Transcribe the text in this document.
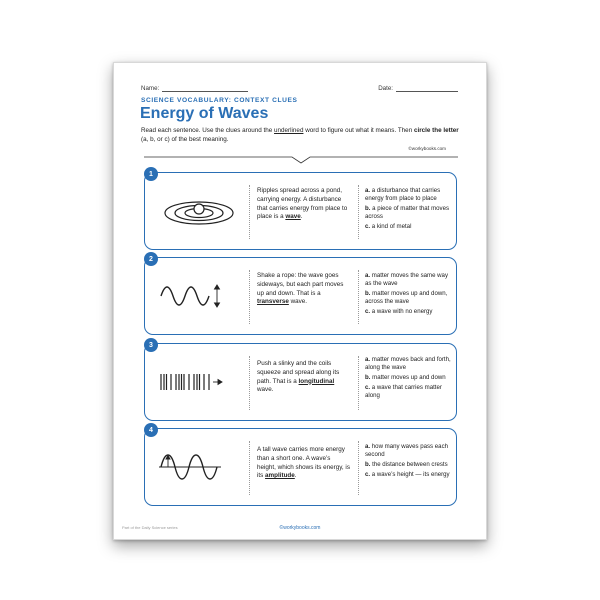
Name:	Date:
SCIENCE VOCABULARY: CONTEXT CLUES
Energy of Waves
Read each sentence. Use the clues around the underlined word to figure out what it means. Then circle the letter (a, b, or c) of the best meaning.
©workybooks.com
1
Ripples spread across a pond, carrying energy. A disturbance that carries energy from place to place is a wave.
a. a disturbance that carries energy from place to place
b. a piece of matter that moves across
c. a kind of metal
2
Shake a rope: the wave goes sideways, but each part moves up and down. That is a transverse wave.
a. matter moves the same way as the wave
b. matter moves up and down, across the wave
c. a wave with no energy
3
Push a slinky and the coils squeeze and spread along its path. That is a longitudinal wave.
a. matter moves back and forth, along the wave
b. matter moves up and down
c. a wave that carries matter along
4
A tall wave carries more energy than a short one. A wave’s height, which shows its energy, is its amplitude.
a. how many waves pass each second
b. the distance between crests
c. a wave’s height — its energy
Part of the Daily Science series	©workybooks.com
